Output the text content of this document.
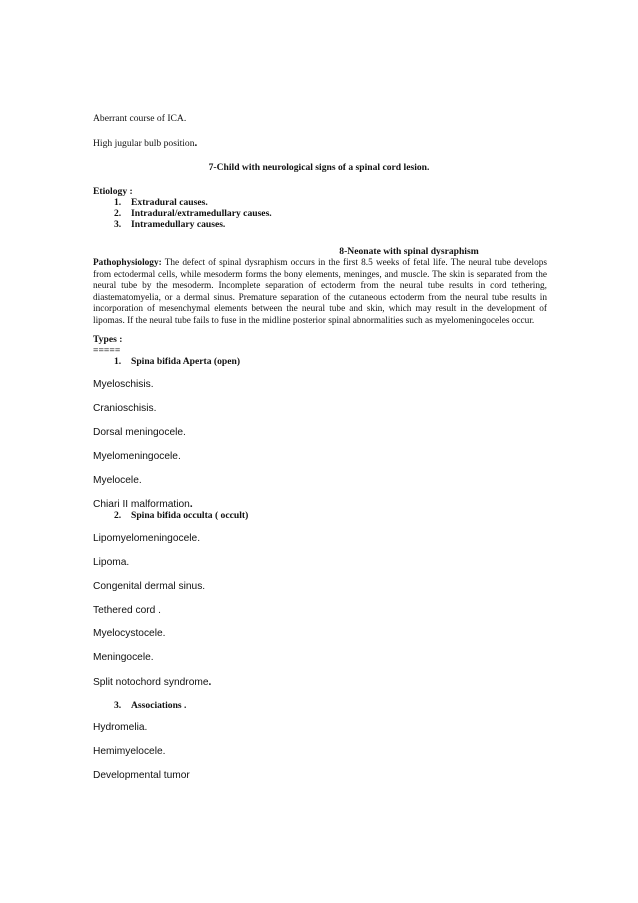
Aberrant course of ICA.
High jugular bulb position.
7-Child with neurological signs of a spinal cord lesion.
Etiology :
1. Extradural causes.
2. Intradural/extramedullary causes.
3. Intramedullary causes.
8-Neonate with spinal dysraphism
Pathophysiology: The defect of spinal dysraphism occurs in the first 8.5 weeks of fetal life. The neural tube develops from ectodermal cells, while mesoderm forms the bony elements, meninges, and muscle. The skin is separated from the neural tube by the mesoderm. Incomplete separation of ectoderm from the neural tube results in cord tethering, diastematomyelia, or a dermal sinus. Premature separation of the cutaneous ectoderm from the neural tube results in incorporation of mesenchymal elements between the neural tube and skin, which may result in the development of lipomas. If the neural tube fails to fuse in the midline posterior spinal abnormalities such as myelomeningoceles occur.
Types :
=====
1. Spina bifida Aperta (open)
Myeloschisis.
Cranioschisis.
Dorsal meningocele.
Myelomeningocele.
Myelocele.
Chiari II malformation.
2. Spina bifida occulta ( occult)
Lipomyelomeningocele.
Lipoma.
Congenital dermal sinus.
Tethered cord .
Myelocystocele.
Meningocele.
Split notochord syndrome.
3. Associations .
Hydromelia.
Hemimyelocele.
Developmental tumor
